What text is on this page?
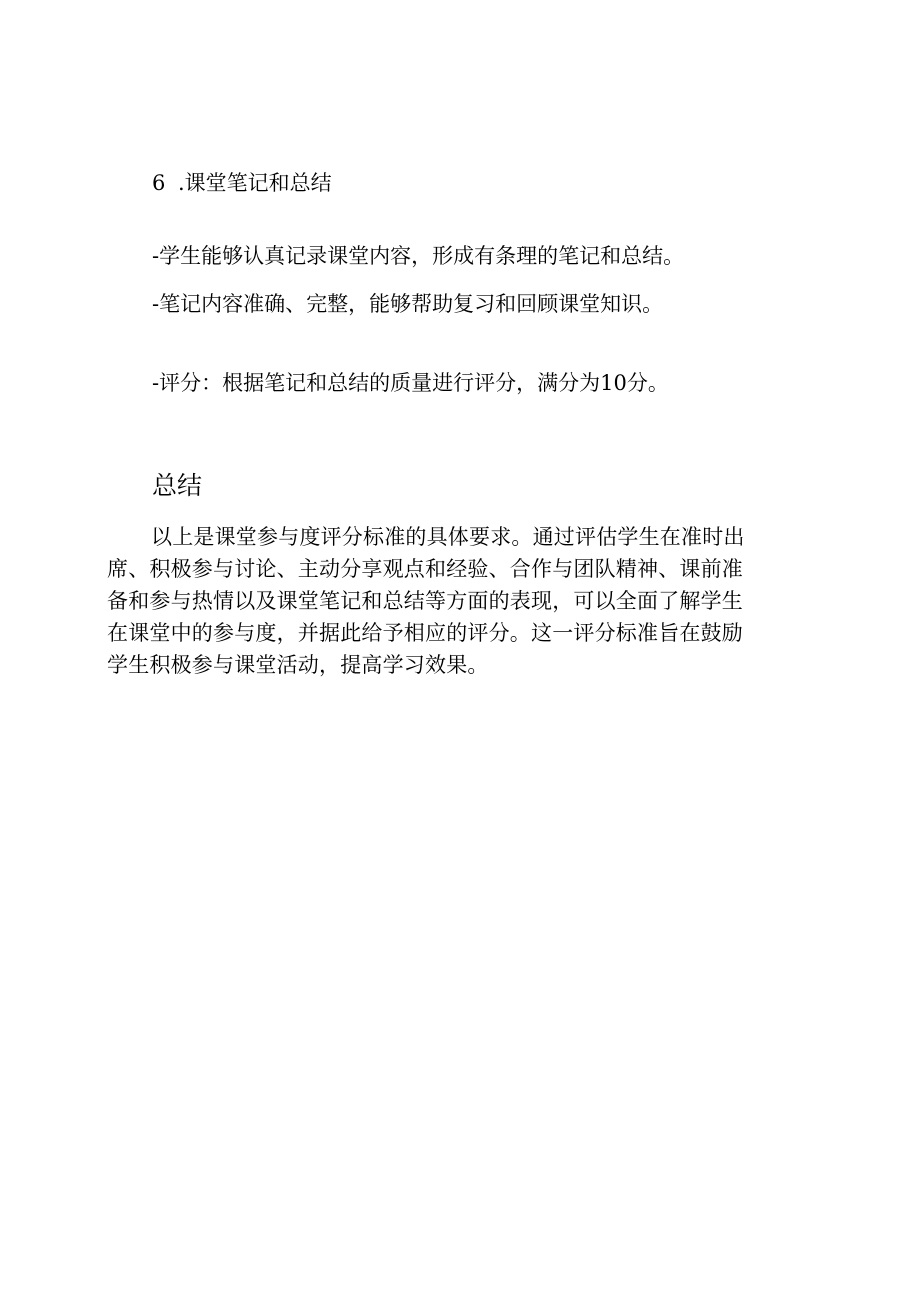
6 .课堂笔记和总结
-学生能够认真记录课堂内容，形成有条理的笔记和总结。
-笔记内容准确、完整，能够帮助复习和回顾课堂知识。
-评分：根据笔记和总结的质量进行评分，满分为10分。
总结
以上是课堂参与度评分标准的具体要求。通过评估学生在准时出
席、积极参与讨论、主动分享观点和经验、合作与团队精神、课前准
备和参与热情以及课堂笔记和总结等方面的表现，可以全面了解学生
在课堂中的参与度，并据此给予相应的评分。这一评分标准旨在鼓励
学生积极参与课堂活动，提高学习效果。
